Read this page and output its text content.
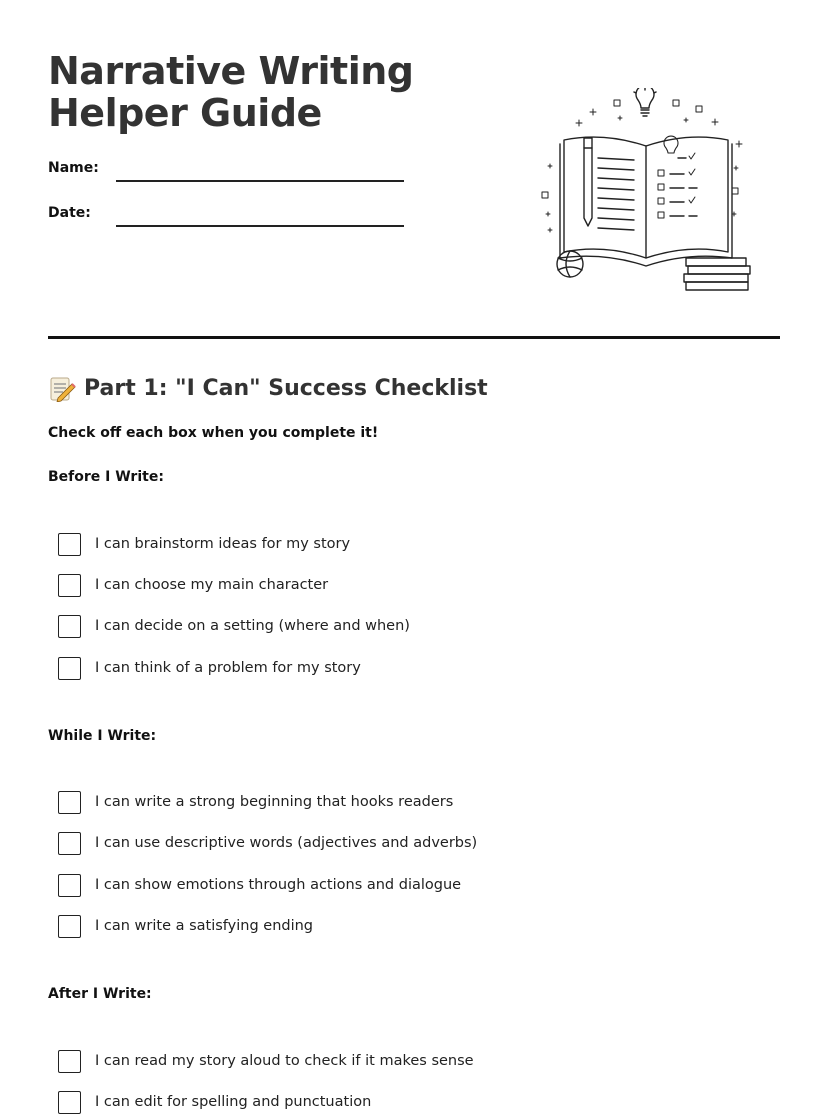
Narrative Writing
Helper Guide
Name:
Date:
Part 1: "I Can" Success Checklist
Check off each box when you complete it!
Before I Write:
I can brainstorm ideas for my story
I can choose my main character
I can decide on a setting (where and when)
I can think of a problem for my story
While I Write:
I can write a strong beginning that hooks readers
I can use descriptive words (adjectives and adverbs)
I can show emotions through actions and dialogue
I can write a satisfying ending
After I Write:
I can read my story aloud to check if it makes sense
I can edit for spelling and punctuation
